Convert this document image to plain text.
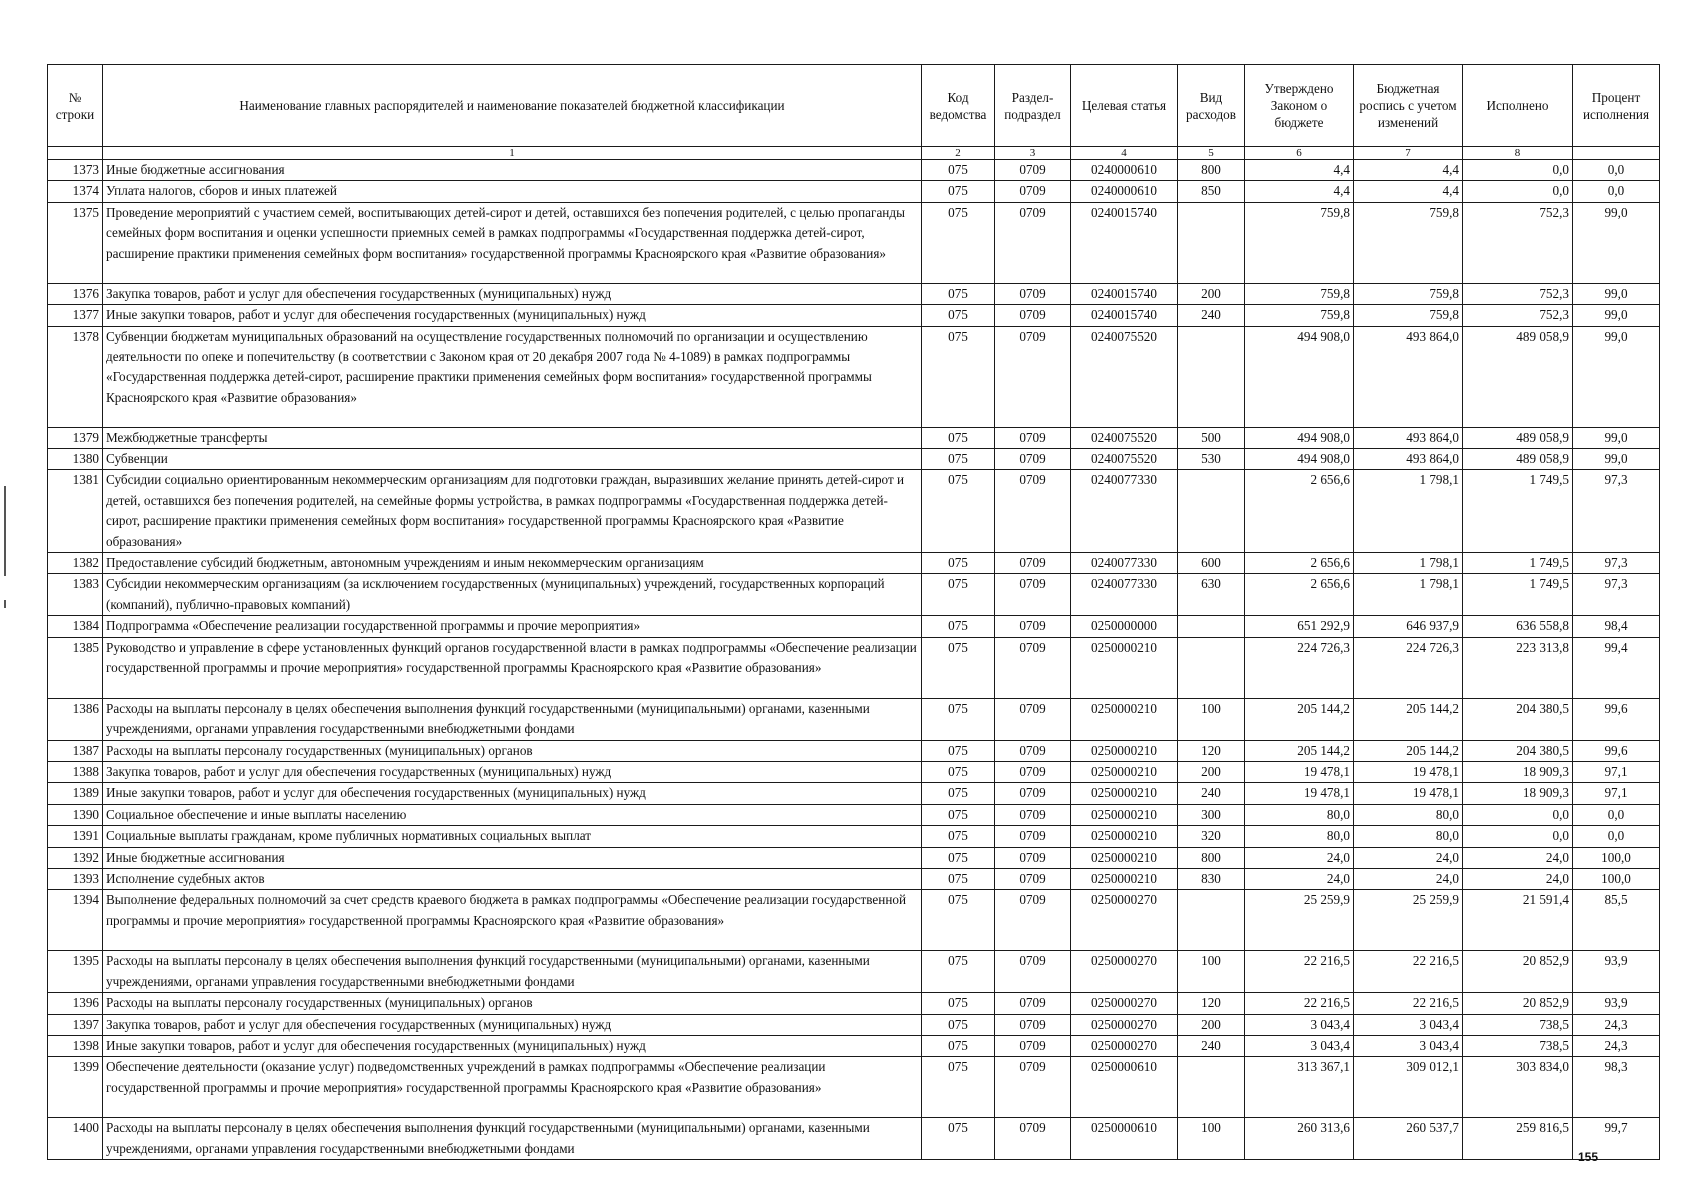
№ строки	Наименование главных распорядителей и наименование показателей бюджетной классификации	Код ведомства	Раздел-подраздел	Целевая статья	Вид расходов	Утверждено Законом о бюджете	Бюджетная роспись с учетом изменений	Исполнено	Процент исполнения
	1	2	3	4	5	6	7	8	
1373	Иные бюджетные ассигнования	075	0709	0240000610	800	4,4	4,4	0,0	0,0
1374	Уплата налогов, сборов и иных платежей	075	0709	0240000610	850	4,4	4,4	0,0	0,0
1375	Проведение мероприятий с участием семей, воспитывающих детей-сирот и детей, оставшихся без попечения родителей, с целью пропаганды семейных форм воспитания и оценки успешности приемных семей в рамках подпрограммы «Государственная поддержка детей-сирот, расширение практики применения семейных форм воспитания» государственной программы Красноярского края «Развитие образования»	075	0709	0240015740		759,8	759,8	752,3	99,0
1376	Закупка товаров, работ и услуг для обеспечения государственных (муниципальных) нужд	075	0709	0240015740	200	759,8	759,8	752,3	99,0
1377	Иные закупки товаров, работ и услуг для обеспечения государственных (муниципальных) нужд	075	0709	0240015740	240	759,8	759,8	752,3	99,0
1378	Субвенции бюджетам муниципальных образований на осуществление государственных полномочий по организации и осуществлению деятельности по опеке и попечительству (в соответствии с Законом края от 20 декабря 2007 года № 4-1089) в рамках подпрограммы «Государственная поддержка детей-сирот, расширение практики применения семейных форм воспитания» государственной программы Красноярского края «Развитие образования»	075	0709	0240075520		494 908,0	493 864,0	489 058,9	99,0
1379	Межбюджетные трансферты	075	0709	0240075520	500	494 908,0	493 864,0	489 058,9	99,0
1380	Субвенции	075	0709	0240075520	530	494 908,0	493 864,0	489 058,9	99,0
1381	Субсидии социально ориентированным некоммерческим организациям для подготовки граждан, выразивших желание принять детей-сирот и детей, оставшихся без попечения родителей, на семейные формы устройства, в рамках подпрограммы «Государственная поддержка детей-сирот, расширение практики применения семейных форм воспитания» государственной программы Красноярского края «Развитие образования»	075	0709	0240077330		2 656,6	1 798,1	1 749,5	97,3
1382	Предоставление субсидий бюджетным, автономным учреждениям и иным некоммерческим организациям	075	0709	0240077330	600	2 656,6	1 798,1	1 749,5	97,3
1383	Субсидии некоммерческим организациям (за исключением государственных (муниципальных) учреждений, государственных корпораций (компаний), публично-правовых компаний)	075	0709	0240077330	630	2 656,6	1 798,1	1 749,5	97,3
1384	Подпрограмма «Обеспечение реализации государственной программы и прочие мероприятия»	075	0709	0250000000		651 292,9	646 937,9	636 558,8	98,4
1385	Руководство и управление в сфере установленных функций органов государственной власти в рамках подпрограммы «Обеспечение реализации государственной программы и прочие мероприятия» государственной программы Красноярского края «Развитие образования»	075	0709	0250000210		224 726,3	224 726,3	223 313,8	99,4
1386	Расходы на выплаты персоналу в целях обеспечения выполнения функций государственными (муниципальными) органами, казенными учреждениями, органами управления государственными внебюджетными фондами	075	0709	0250000210	100	205 144,2	205 144,2	204 380,5	99,6
1387	Расходы на выплаты персоналу государственных (муниципальных) органов	075	0709	0250000210	120	205 144,2	205 144,2	204 380,5	99,6
1388	Закупка товаров, работ и услуг для обеспечения государственных (муниципальных) нужд	075	0709	0250000210	200	19 478,1	19 478,1	18 909,3	97,1
1389	Иные закупки товаров, работ и услуг для обеспечения государственных (муниципальных) нужд	075	0709	0250000210	240	19 478,1	19 478,1	18 909,3	97,1
1390	Социальное обеспечение и иные выплаты населению	075	0709	0250000210	300	80,0	80,0	0,0	0,0
1391	Социальные выплаты гражданам, кроме публичных нормативных социальных выплат	075	0709	0250000210	320	80,0	80,0	0,0	0,0
1392	Иные бюджетные ассигнования	075	0709	0250000210	800	24,0	24,0	24,0	100,0
1393	Исполнение судебных актов	075	0709	0250000210	830	24,0	24,0	24,0	100,0
1394	Выполнение федеральных полномочий за счет средств краевого бюджета в рамках подпрограммы «Обеспечение реализации государственной программы и прочие мероприятия» государственной программы Красноярского края «Развитие образования»	075	0709	0250000270		25 259,9	25 259,9	21 591,4	85,5
1395	Расходы на выплаты персоналу в целях обеспечения выполнения функций государственными (муниципальными) органами, казенными учреждениями, органами управления государственными внебюджетными фондами	075	0709	0250000270	100	22 216,5	22 216,5	20 852,9	93,9
1396	Расходы на выплаты персоналу государственных (муниципальных) органов	075	0709	0250000270	120	22 216,5	22 216,5	20 852,9	93,9
1397	Закупка товаров, работ и услуг для обеспечения государственных (муниципальных) нужд	075	0709	0250000270	200	3 043,4	3 043,4	738,5	24,3
1398	Иные закупки товаров, работ и услуг для обеспечения государственных (муниципальных) нужд	075	0709	0250000270	240	3 043,4	3 043,4	738,5	24,3
1399	Обеспечение деятельности (оказание услуг) подведомственных учреждений в рамках подпрограммы «Обеспечение реализации государственной программы и прочие мероприятия» государственной программы Красноярского края «Развитие образования»	075	0709	0250000610		313 367,1	309 012,1	303 834,0	98,3
1400	Расходы на выплаты персоналу в целях обеспечения выполнения функций государственными (муниципальными) органами, казенными учреждениями, органами управления государственными внебюджетными фондами	075	0709	0250000610	100	260 313,6	260 537,7	259 816,5	99,7
155
